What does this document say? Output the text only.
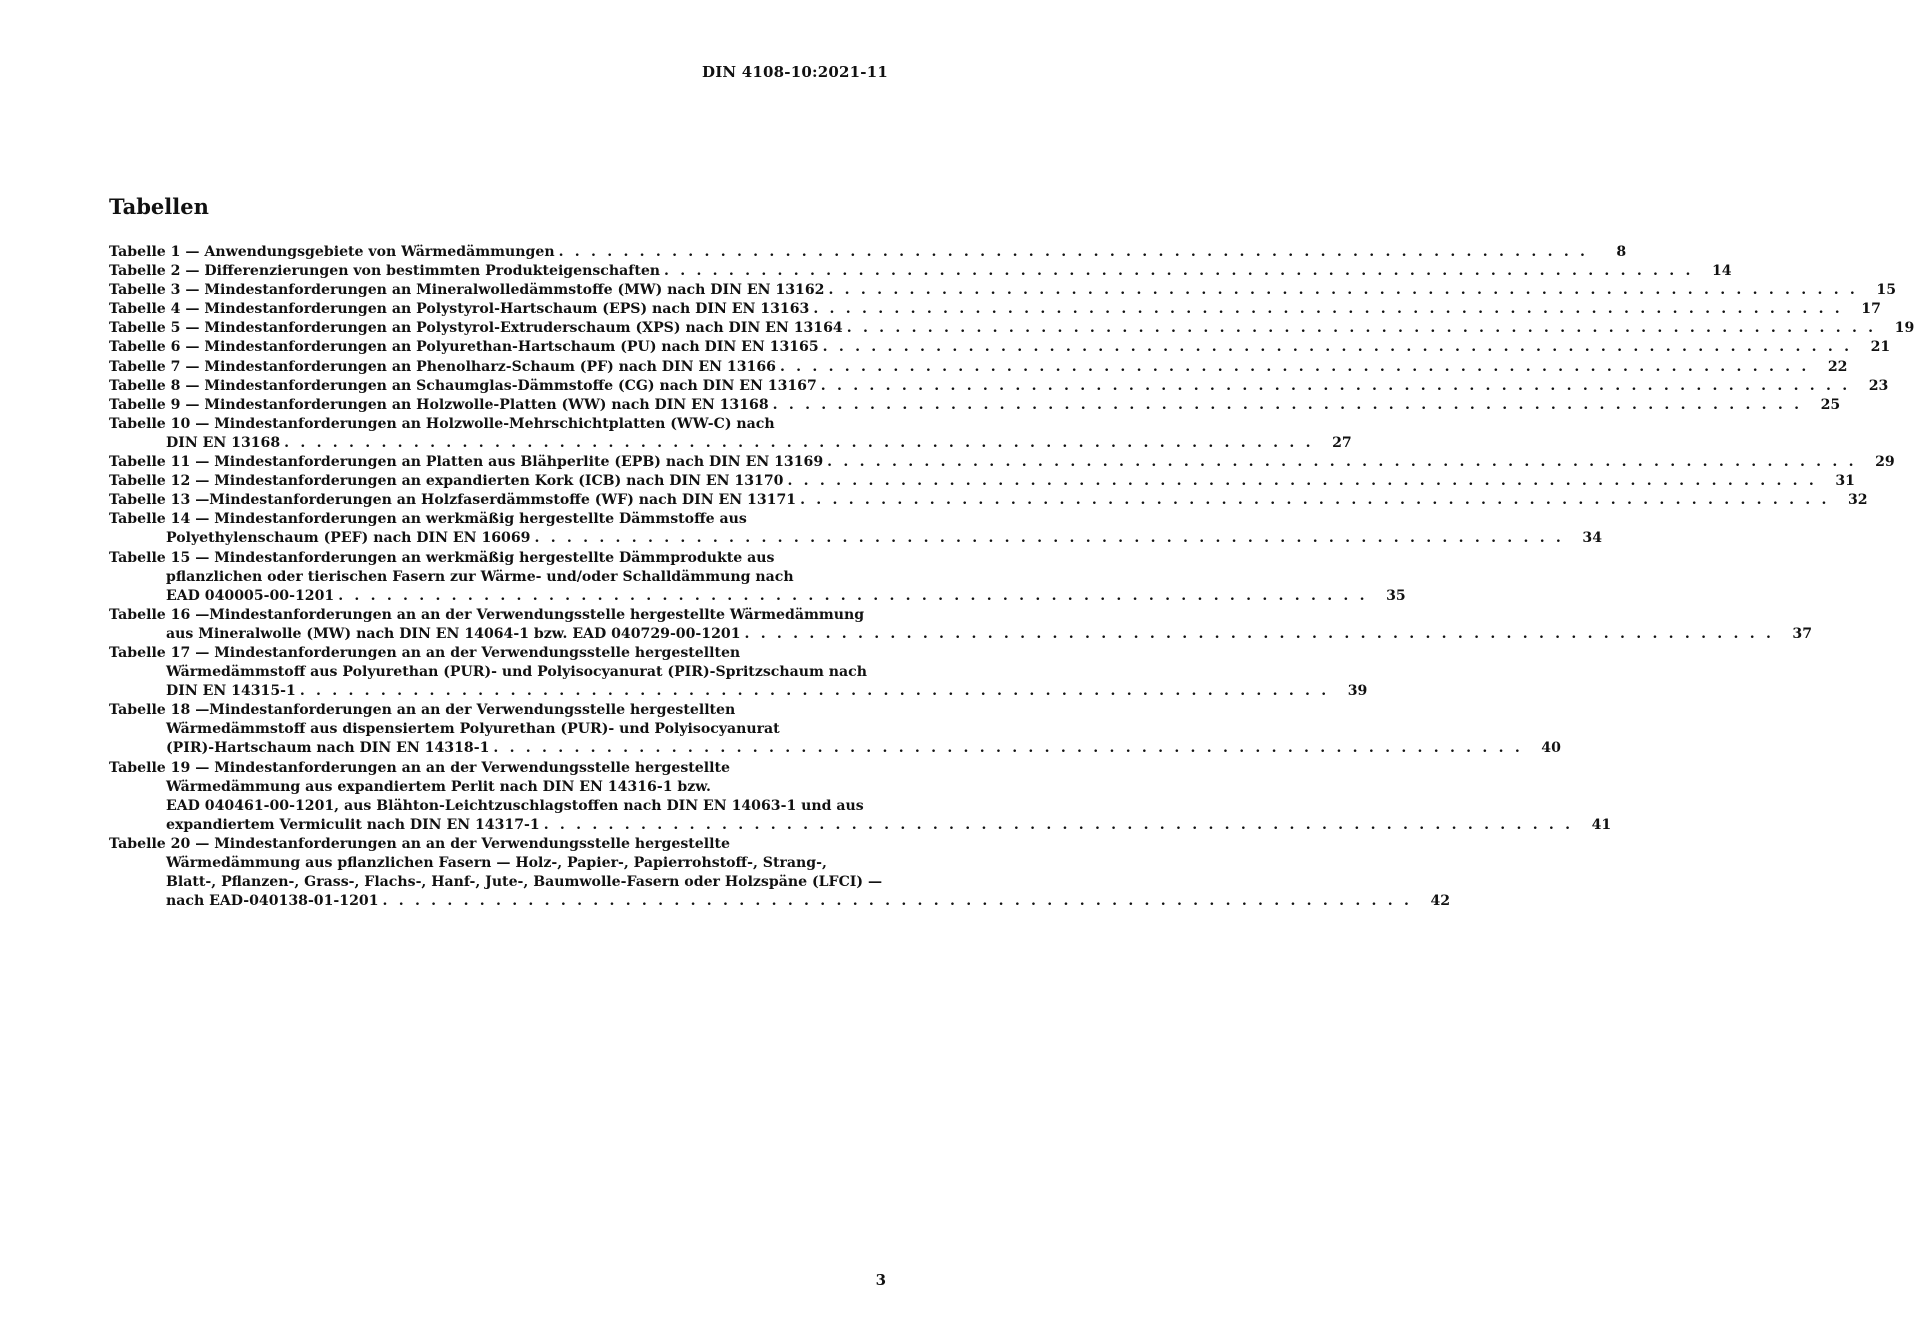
DIN 4108-10:2021-11
Tabellen
Tabelle 1 — Anwendungsgebiete von Wärmedämmungen . . . . . . . . . . . . . . . . . . . . . . . . . . . . . . . . . . . . . . . . . . . . . . . . . . . . . . . . . . . . . . . .	8
Tabelle 2 — Differenzierungen von bestimmten Produkteigenschaften . . . . . . . . . . . . . . . . . . . . . . . . . . . . . . . . . . . . . . . . . . . . . . . . . . . . . . . . . . . . . . . .	14
Tabelle 3 — Mindestanforderungen an Mineralwolledämmstoffe (MW) nach DIN EN 13162 . . . . . . . . . . . . . . . . . . . . . . . . . . . . . . . . . . . . . . . . . . . . . . . . . . . . . . . . . . . . . . . .	15
Tabelle 4 — Mindestanforderungen an Polystyrol-Hartschaum (EPS) nach DIN EN 13163 . . . . . . . . . . . . . . . . . . . . . . . . . . . . . . . . . . . . . . . . . . . . . . . . . . . . . . . . . . . . . . . .	17
Tabelle 5 — Mindestanforderungen an Polystyrol-Extruderschaum (XPS) nach DIN EN 13164 . . . . . . . . . . . . . . . . . . . . . . . . . . . . . . . . . . . . . . . . . . . . . . . . . . . . . . . . . . . . . . . .	19
Tabelle 6 — Mindestanforderungen an Polyurethan-Hartschaum (PU) nach DIN EN 13165 . . . . . . . . . . . . . . . . . . . . . . . . . . . . . . . . . . . . . . . . . . . . . . . . . . . . . . . . . . . . . . . .	21
Tabelle 7 — Mindestanforderungen an Phenolharz-Schaum (PF) nach DIN EN 13166 . . . . . . . . . . . . . . . . . . . . . . . . . . . . . . . . . . . . . . . . . . . . . . . . . . . . . . . . . . . . . . . .	22
Tabelle 8 — Mindestanforderungen an Schaumglas-Dämmstoffe (CG) nach DIN EN 13167 . . . . . . . . . . . . . . . . . . . . . . . . . . . . . . . . . . . . . . . . . . . . . . . . . . . . . . . . . . . . . . . .	23
Tabelle 9 — Mindestanforderungen an Holzwolle-Platten (WW) nach DIN EN 13168 . . . . . . . . . . . . . . . . . . . . . . . . . . . . . . . . . . . . . . . . . . . . . . . . . . . . . . . . . . . . . . . .	25
Tabelle 10 — Mindestanforderungen an Holzwolle-Mehrschichtplatten (WW-C) nach
DIN EN 13168 . . . . . . . . . . . . . . . . . . . . . . . . . . . . . . . . . . . . . . . . . . . . . . . . . . . . . . . . . . . . . . . .	27
Tabelle 11 — Mindestanforderungen an Platten aus Blähperlite (EPB) nach DIN EN 13169 . . . . . . . . . . . . . . . . . . . . . . . . . . . . . . . . . . . . . . . . . . . . . . . . . . . . . . . . . . . . . . . .	29
Tabelle 12 — Mindestanforderungen an expandierten Kork (ICB) nach DIN EN 13170 . . . . . . . . . . . . . . . . . . . . . . . . . . . . . . . . . . . . . . . . . . . . . . . . . . . . . . . . . . . . . . . .	31
Tabelle 13 —Mindestanforderungen an Holzfaserdämmstoffe (WF) nach DIN EN 13171 . . . . . . . . . . . . . . . . . . . . . . . . . . . . . . . . . . . . . . . . . . . . . . . . . . . . . . . . . . . . . . . .	32
Tabelle 14 — Mindestanforderungen an werkmäßig hergestellte Dämmstoffe aus
Polyethylenschaum (PEF) nach DIN EN 16069 . . . . . . . . . . . . . . . . . . . . . . . . . . . . . . . . . . . . . . . . . . . . . . . . . . . . . . . . . . . . . . . .	34
Tabelle 15 — Mindestanforderungen an werkmäßig hergestellte Dämmprodukte aus
pflanzlichen oder tierischen Fasern zur Wärme- und/oder Schalldämmung nach
EAD 040005-00-1201 . . . . . . . . . . . . . . . . . . . . . . . . . . . . . . . . . . . . . . . . . . . . . . . . . . . . . . . . . . . . . . . .	35
Tabelle 16 —Mindestanforderungen an an der Verwendungsstelle hergestellte Wärmedämmung
aus Mineralwolle (MW) nach DIN EN 14064-1 bzw. EAD 040729-00-1201 . . . . . . . . . . . . . . . . . . . . . . . . . . . . . . . . . . . . . . . . . . . . . . . . . . . . . . . . . . . . . . . .	37
Tabelle 17 — Mindestanforderungen an an der Verwendungsstelle hergestellten
Wärmedämmstoff aus Polyurethan (PUR)- und Polyisocyanurat (PIR)-Spritzschaum nach
DIN EN 14315-1 . . . . . . . . . . . . . . . . . . . . . . . . . . . . . . . . . . . . . . . . . . . . . . . . . . . . . . . . . . . . . . . .	39
Tabelle 18 —Mindestanforderungen an an der Verwendungsstelle hergestellten
Wärmedämmstoff aus dispensiertem Polyurethan (PUR)- und Polyisocyanurat
(PIR)-Hartschaum nach DIN EN 14318-1 . . . . . . . . . . . . . . . . . . . . . . . . . . . . . . . . . . . . . . . . . . . . . . . . . . . . . . . . . . . . . . . .	40
Tabelle 19 — Mindestanforderungen an an der Verwendungsstelle hergestellte
Wärmedämmung aus expandiertem Perlit nach DIN EN 14316-1 bzw.
EAD 040461-00-1201, aus Blähton-Leichtzuschlagstoffen nach DIN EN 14063-1 und aus
expandiertem Vermiculit nach DIN EN 14317-1 . . . . . . . . . . . . . . . . . . . . . . . . . . . . . . . . . . . . . . . . . . . . . . . . . . . . . . . . . . . . . . . .	41
Tabelle 20 — Mindestanforderungen an an der Verwendungsstelle hergestellte
Wärmedämmung aus pflanzlichen Fasern — Holz-, Papier-, Papierrohstoff-, Strang-,
Blatt-, Pflanzen-, Grass-, Flachs-, Hanf-, Jute-, Baumwolle-Fasern oder Holzspäne (LFCI) —
nach EAD-040138-01-1201 . . . . . . . . . . . . . . . . . . . . . . . . . . . . . . . . . . . . . . . . . . . . . . . . . . . . . . . . . . . . . . . .	42
3
